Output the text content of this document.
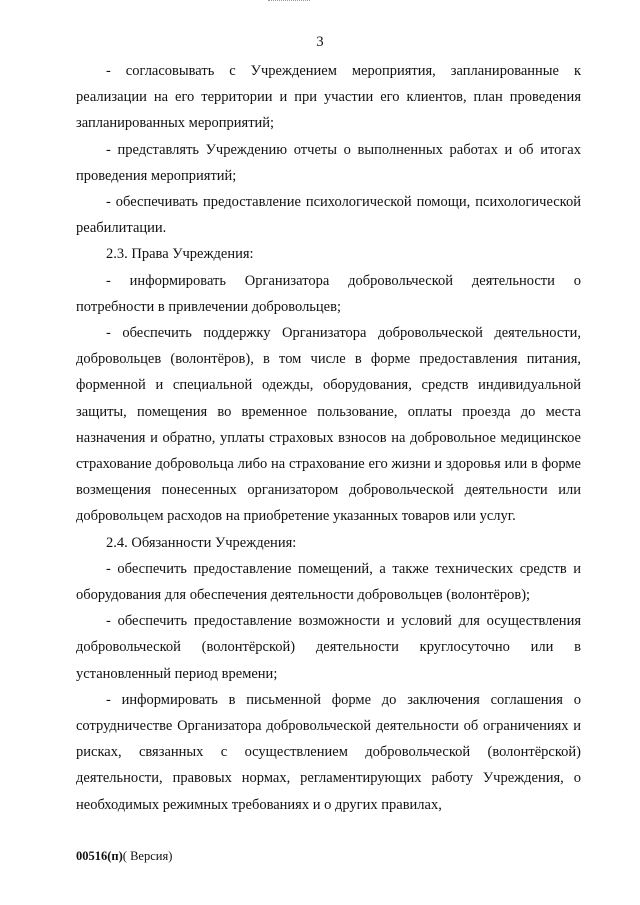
3

- согласовывать с Учреждением мероприятия, запланированные к реализации на его территории и при участии его клиентов, план проведения запланированных мероприятий;

- представлять Учреждению отчеты о выполненных работах и об итогах проведения мероприятий;

- обеспечивать предоставление психологической помощи, психологической реабилитации.

2.3. Права Учреждения:

- информировать Организатора добровольческой деятельности о потребности в привлечении добровольцев;

- обеспечить поддержку Организатора добровольческой деятельности, добровольцев (волонтёров), в том числе в форме предоставления питания, форменной и специальной одежды, оборудования, средств индивидуальной защиты, помещения во временное пользование, оплаты проезда до места назначения и обратно, уплаты страховых взносов на добровольное медицинское страхование добровольца либо на страхование его жизни и здоровья или в форме возмещения понесенных организатором добровольческой деятельности или добровольцем расходов на приобретение указанных товаров или услуг.

2.4. Обязанности Учреждения:

- обеспечить предоставление помещений, а также технических средств и оборудования для обеспечения деятельности добровольцев (волонтёров);

- обеспечить предоставление возможности и условий для осуществления добровольческой (волонтёрской) деятельности круглосуточно или в установленный период времени;

- информировать в письменной форме до заключения соглашения о сотрудничестве Организатора добровольческой деятельности об ограничениях и рисках, связанных с осуществлением добровольческой (волонтёрской) деятельности, правовых нормах, регламентирующих работу Учреждения, о необходимых режимных требованиях и о других правилах,

00516(п)( Версия)
